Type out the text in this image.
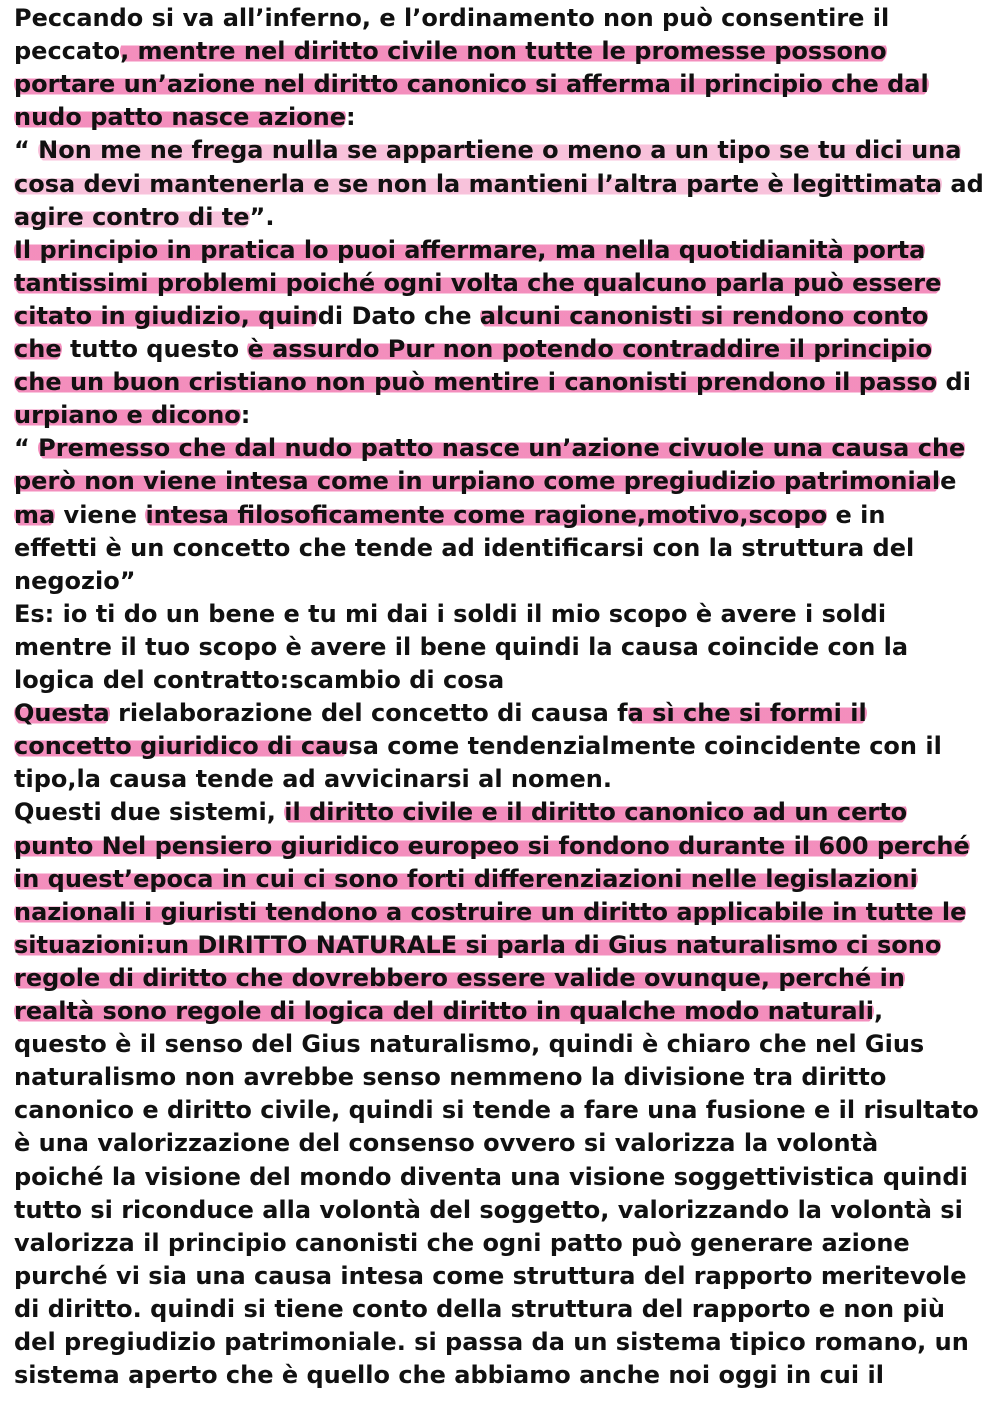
Peccando si va all’inferno, e l’ordinamento non può consentire il
peccato, mentre nel diritto civile non tutte le promesse possono
portare un’azione nel diritto canonico si afferma il principio che dal
nudo patto nasce azione:
“ Non me ne frega nulla se appartiene o meno a un tipo se tu dici una
cosa devi mantenerla e se non la mantieni l’altra parte è legittimata ad
agire contro di te”.
Il principio in pratica lo puoi affermare, ma nella quotidianità porta
tantissimi problemi poiché ogni volta che qualcuno parla può essere
citato in giudizio, quindi Dato che alcuni canonisti si rendono conto
che tutto questo è assurdo Pur non potendo contraddire il principio
che un buon cristiano non può mentire i canonisti prendono il passo di
urpiano e dicono:
“ Premesso che dal nudo patto nasce un’azione civuole una causa che
però non viene intesa come in urpiano come pregiudizio patrimoniale
ma viene intesa filosoficamente come ragione,motivo,scopo e in
effetti è un concetto che tende ad identificarsi con la struttura del
negozio”
Es: io ti do un bene e tu mi dai i soldi il mio scopo è avere i soldi
mentre il tuo scopo è avere il bene quindi la causa coincide con la
logica del contratto:scambio di cosa
Questa rielaborazione del concetto di causa fa sì che si formi il
concetto giuridico di causa come tendenzialmente coincidente con il
tipo,la causa tende ad avvicinarsi al nomen.
Questi due sistemi, il diritto civile e il diritto canonico ad un certo
punto Nel pensiero giuridico europeo si fondono durante il 600 perché
in quest’epoca in cui ci sono forti differenziazioni nelle legislazioni
nazionali i giuristi tendono a costruire un diritto applicabile in tutte le
situazioni:un DIRITTO NATURALE si parla di Gius naturalismo ci sono
regole di diritto che dovrebbero essere valide ovunque, perché in
realtà sono regole di logica del diritto in qualche modo naturali,
questo è il senso del Gius naturalismo, quindi è chiaro che nel Gius
naturalismo non avrebbe senso nemmeno la divisione tra diritto
canonico e diritto civile, quindi si tende a fare una fusione e il risultato
è una valorizzazione del consenso ovvero si valorizza la volontà
poiché la visione del mondo diventa una visione soggettivistica quindi
tutto si riconduce alla volontà del soggetto, valorizzando la volontà si
valorizza il principio canonisti che ogni patto può generare azione
purché vi sia una causa intesa come struttura del rapporto meritevole
di diritto. quindi si tiene conto della struttura del rapporto e non più
del pregiudizio patrimoniale. si passa da un sistema tipico romano, un
sistema aperto che è quello che abbiamo anche noi oggi in cui il
